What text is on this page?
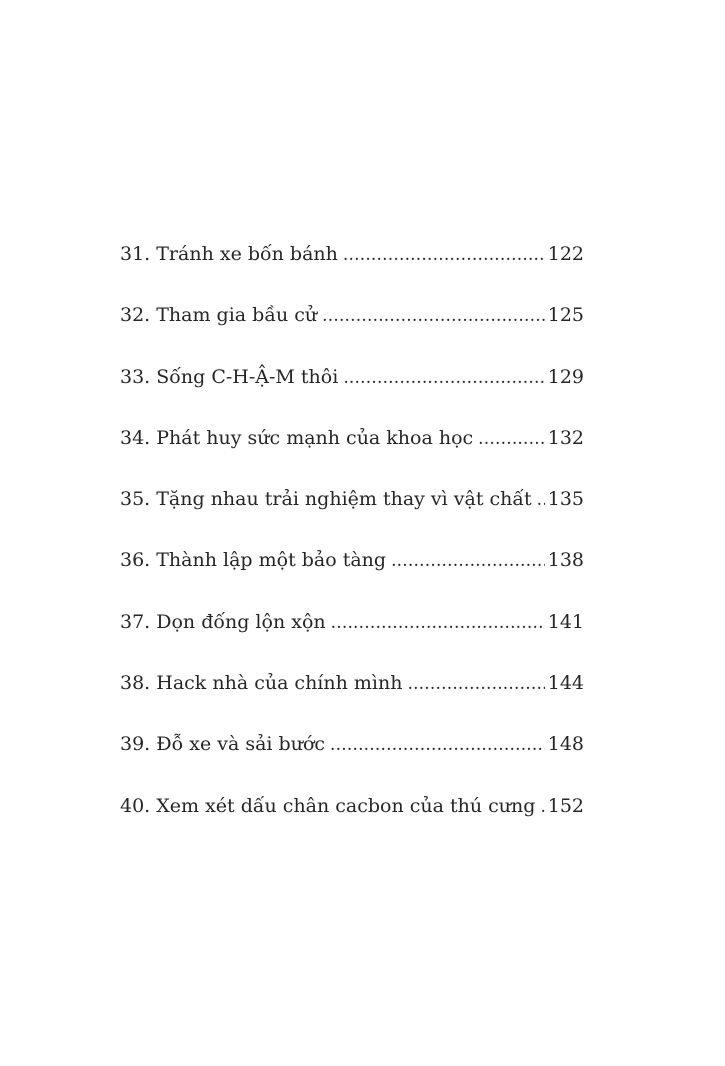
31. Tránh xe bốn bánh . . .	122
32. Tham gia bầu cử . . .	125
33. Sống C-H-Ậ-M thôi . . .	129
34. Phát huy sức mạnh của khoa học . . .	132
35. Tặng nhau trải nghiệm thay vì vật chất . . . 135
36. Thành lập một bảo tàng . . .	138
37. Dọn đống lộn xộn . . .	141
38. Hack nhà của chính mình . . .	144
39. Đỗ xe và sải bước . . .	148
40. Xem xét dấu chân cacbon của thú cưng . . . 152
